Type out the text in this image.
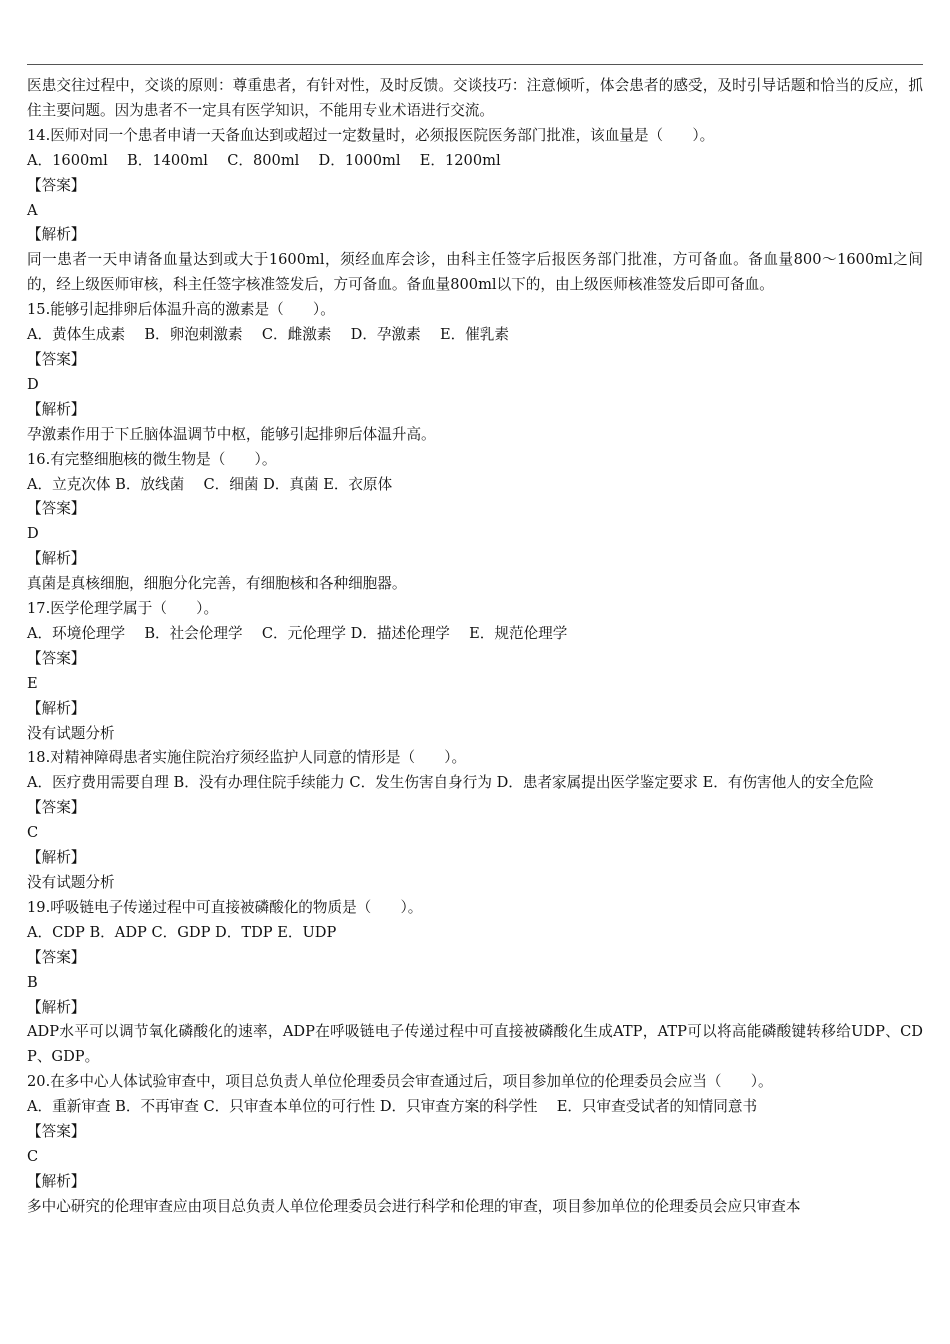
医患交往过程中，交谈的原则：尊重患者，有针对性，及时反馈。交谈技巧：注意倾听，体会患者的感受，及时引导话题和恰当的反应，抓住主要问题。因为患者不一定具有医学知识，不能用专业术语进行交流。

14.医师对同一个患者申请一天备血达到或超过一定数量时，必须报医院医务部门批准，该血量是（　　）。

A．1600ml　 B．1400ml　 C．800ml　 D．1000ml　 E．1200ml

【答案】

A

【解析】

同一患者一天申请备血量达到或大于1600ml，须经血库会诊，由科主任签字后报医务部门批准，方可备血。备血量800～1600ml之间的，经上级医师审核，科主任签字核准签发后，方可备血。备血量800ml以下的，由上级医师核准签发后即可备血。

15.能够引起排卵后体温升高的激素是（　　）。

A．黄体生成素　 B．卵泡刺激素　 C．雌激素　 D．孕激素　 E．催乳素

【答案】

D

【解析】

孕激素作用于下丘脑体温调节中枢，能够引起排卵后体温升高。

16.有完整细胞核的微生物是（　　）。

A．立克次体 B．放线菌　 C．细菌 D．真菌 E．衣原体

【答案】

D

【解析】

真菌是真核细胞，细胞分化完善，有细胞核和各种细胞器。

17.医学伦理学属于（　　）。

A．环境伦理学　 B．社会伦理学　 C．元伦理学 D．描述伦理学　 E．规范伦理学

【答案】

E

【解析】

没有试题分析

18.对精神障碍患者实施住院治疗须经监护人同意的情形是（　　）。

A．医疗费用需要自理 B．没有办理住院手续能力 C．发生伤害自身行为 D．患者家属提出医学鉴定要求 E．有伤害他人的安全危险

【答案】

C

【解析】

没有试题分析

19.呼吸链电子传递过程中可直接被磷酸化的物质是（　　）。

A．CDP B．ADP C．GDP D．TDP E．UDP

【答案】

B

【解析】

ADP水平可以调节氧化磷酸化的速率，ADP在呼吸链电子传递过程中可直接被磷酸化生成ATP，ATP可以将高能磷酸键转移给UDP、CDP、GDP。

20.在多中心人体试验审查中，项目总负责人单位伦理委员会审查通过后，项目参加单位的伦理委员会应当（　　）。

A．重新审查 B．不再审查 C．只审查本单位的可行性 D．只审查方案的科学性　 E．只审查受试者的知情同意书

【答案】

C

【解析】

多中心研究的伦理审查应由项目总负责人单位伦理委员会进行科学和伦理的审查，项目参加单位的伦理委员会应只审查本
